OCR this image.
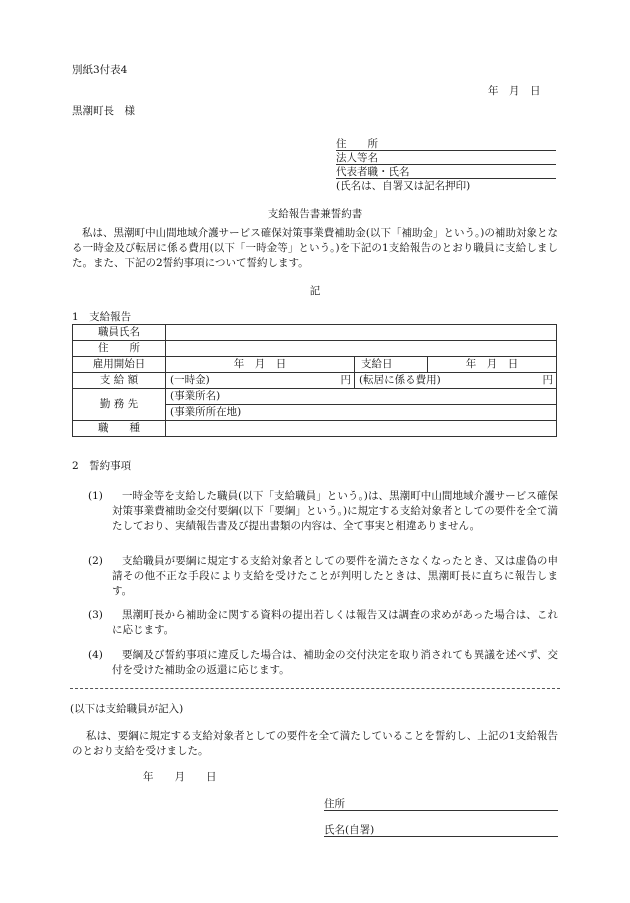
別紙3付表4
年　月　日
黒潮町長　様
住　　所
法人等名
代表者職・氏名
(氏名は、自署又は記名押印)
支給報告書兼誓約書
私は、黒潮町中山間地域介護サービス確保対策事業費補助金(以下「補助金」という。)の補助対象となる一時金及び転居に係る費用(以下「一時金等」という。)を下記の1支給報告のとおり職員に支給しました。また、下記の2誓約事項について誓約します。
記
1　支給報告
職員氏名					
住　　所					
雇用開始日	年　月　日		支給日	年　月　日	
支 給 額	(一時金)	円	(転居に係る費用)		円
勤 務 先	(事業所名)				
	(事業所所在地)				
職　　種					
2　誓約事項
(1)	一時金等を支給した職員(以下「支給職員」という。)は、黒潮町中山間地域介護サービス確保対策事業費補助金交付要綱(以下「要綱」という。)に規定する支給対象者としての要件を全て満たしており、実績報告書及び提出書類の内容は、全て事実と相違ありません。
(2)	支給職員が要綱に規定する支給対象者としての要件を満たさなくなったとき、又は虚偽の申請その他不正な手段により支給を受けたことが判明したときは、黒潮町長に直ちに報告します。
(3)	黒潮町長から補助金に関する資料の提出若しくは報告又は調査の求めがあった場合は、これに応じます。
(4)	要綱及び誓約事項に違反した場合は、補助金の交付決定を取り消されても異議を述べず、交付を受けた補助金の返還に応じます。
(以下は支給職員が記入)
私は、要綱に規定する支給対象者としての要件を全て満たしていることを誓約し、上記の1支給報告のとおり支給を受けました。
年　　月　　日
住所
氏名(自署)
